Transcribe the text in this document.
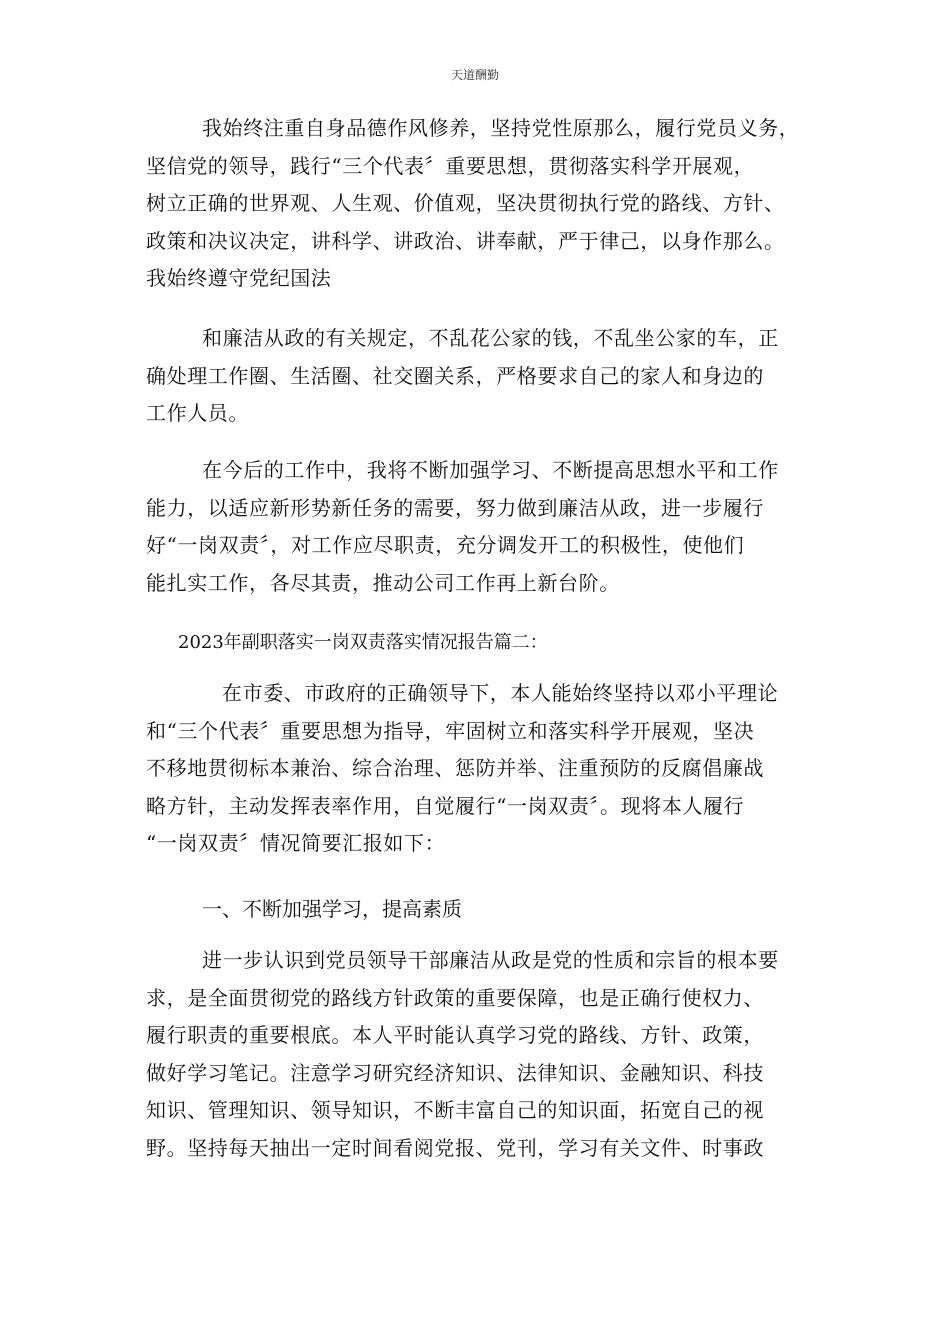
天道酬勤
我始终注重自身品德作风修养，坚持党性原那么，履行党员义务，
坚信党的领导，践行“三个代表〞重要思想，贯彻落实科学开展观，
树立正确的世界观、人生观、价值观，坚决贯彻执行党的路线、方针、
政策和决议决定，讲科学、讲政治、讲奉献，严于律己，以身作那么。
我始终遵守党纪国法
和廉洁从政的有关规定，不乱花公家的钱，不乱坐公家的车，正
确处理工作圈、生活圈、社交圈关系，严格要求自己的家人和身边的
工作人员。
在今后的工作中，我将不断加强学习、不断提高思想水平和工作
能力，以适应新形势新任务的需要，努力做到廉洁从政，进一步履行
好“一岗双责〞，对工作应尽职责，充分调发开工的积极性，使他们
能扎实工作，各尽其责，推动公司工作再上新台阶。
2023年副职落实一岗双责落实情况报告篇二：
在市委、市政府的正确领导下，本人能始终坚持以邓小平理论
和“三个代表〞重要思想为指导，牢固树立和落实科学开展观，坚决
不移地贯彻标本兼治、综合治理、惩防并举、注重预防的反腐倡廉战
略方针，主动发挥表率作用，自觉履行“一岗双责〞。现将本人履行
“一岗双责〞情况简要汇报如下：
一、不断加强学习，提高素质
进一步认识到党员领导干部廉洁从政是党的性质和宗旨的根本要
求，是全面贯彻党的路线方针政策的重要保障，也是正确行使权力、
履行职责的重要根底。本人平时能认真学习党的路线、方针、政策，
做好学习笔记。注意学习研究经济知识、法律知识、金融知识、科技
知识、管理知识、领导知识，不断丰富自己的知识面，拓宽自己的视
野。坚持每天抽出一定时间看阅党报、党刊，学习有关文件、时事政
